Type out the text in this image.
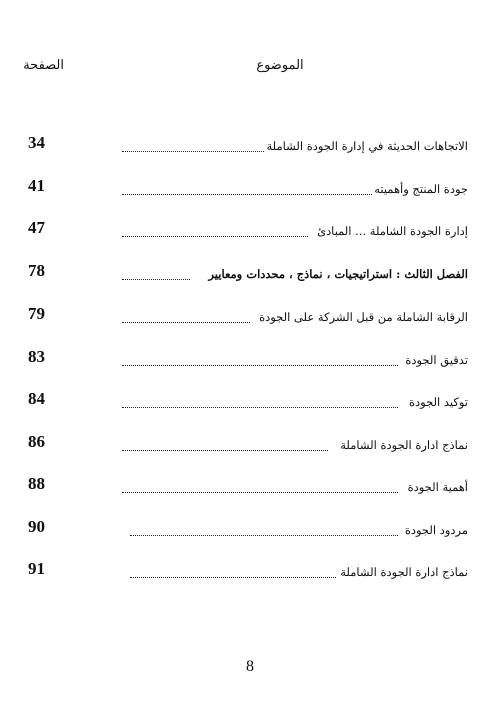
الموضوع
الصفحة
34	الاتجاهات الحديثة في إدارة الجودة الشاملة
41	جودة المنتج وأهميته
47	إدارة الجودة الشاملة ... المبادئ
78	الفصل الثالث : استراتيجيات ، نماذج ، محددات ومعايير
79	الرقابة الشاملة من قبل الشركة على الجودة
83	تدقيق الجودة
84	توكيد الجودة
86	نماذج ادارة الجودة الشاملة
88	أهمية الجودة
90	مردود الجودة
91	نماذج ادارة الجودة الشاملة
8
